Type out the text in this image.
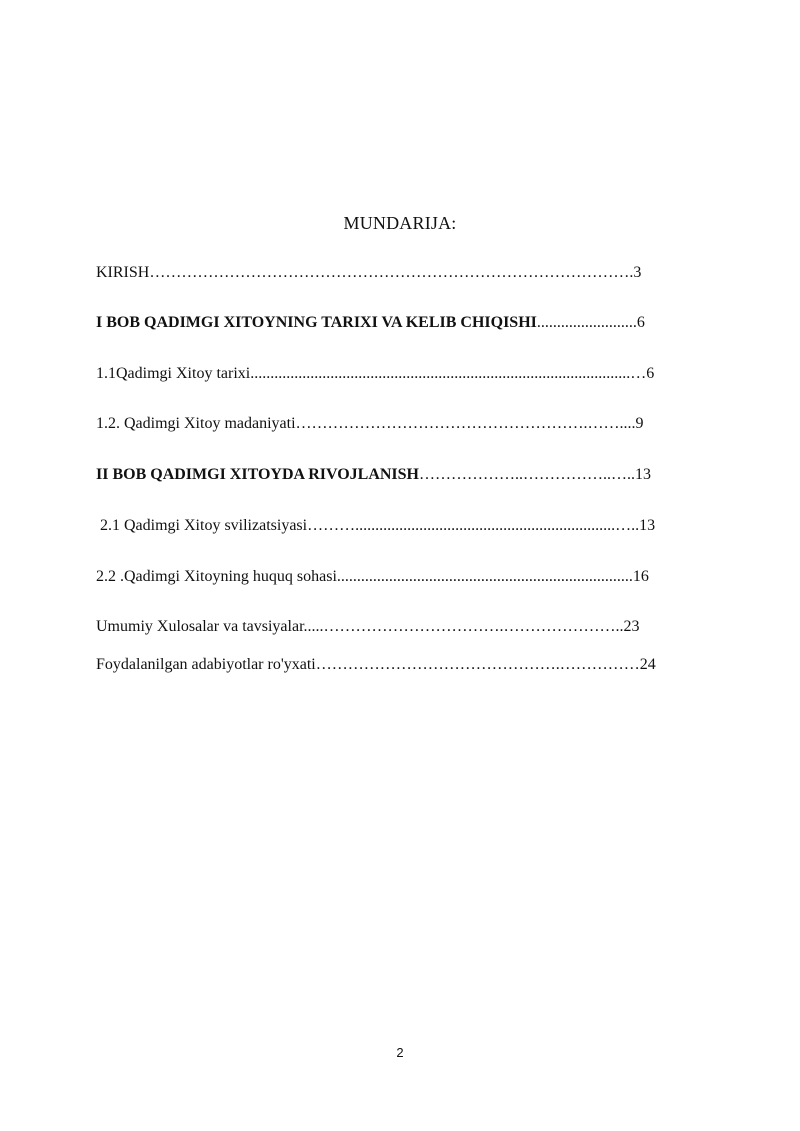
MUNDARIJA:
KIRISH……………………………………………………………………………….3
I BOB QADIMGI XITOYNING TARIXI VA KELIB CHIQISHI.........................6
1.1Qadimgi Xitoy tarixi...............................................................................................…6
1.2. Qadimgi Xitoy madaniyati……………………………………………….……....9
II BOB QADIMGI XITOYDA RIVOJLANISH………………..……………..…..13
2.1 Qadimgi Xitoy svilizatsiyasi……….................................................................…..13
2.2 .Qadimgi Xitoyning huquq sohasi..........................................................................16
Umumiy Xulosalar va tavsiyalar.....…………………………….…………………..23
Foydalanilgan adabiyotlar ro'yxati……………………………………….……………24
2
